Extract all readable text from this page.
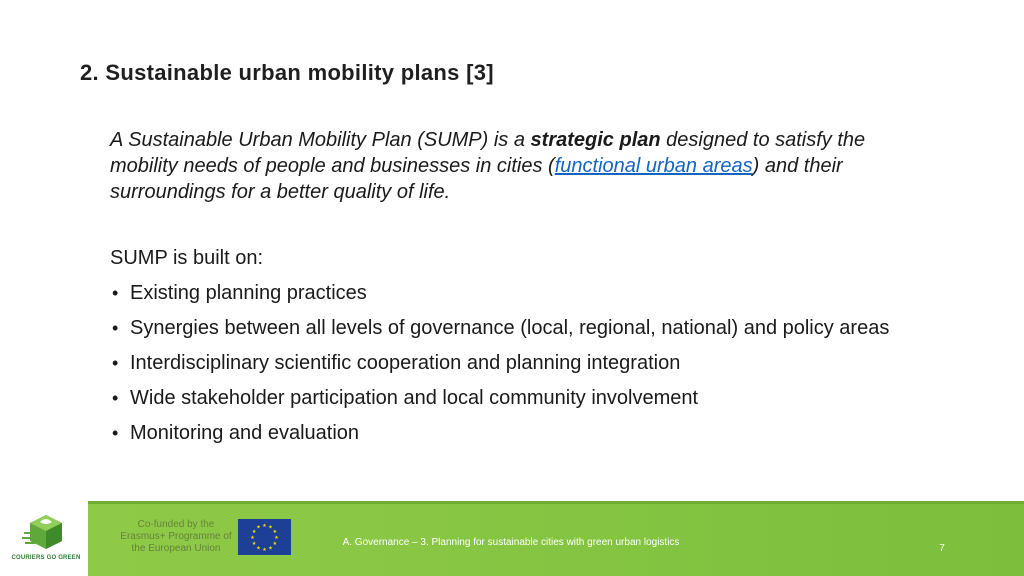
2. Sustainable urban mobility plans [3]
A Sustainable Urban Mobility Plan (SUMP) is a strategic plan designed to satisfy the mobility needs of people and businesses in cities (functional urban areas) and their surroundings for a better quality of life.
SUMP is built on:
• Existing planning practices
• Synergies between all levels of governance (local, regional, national) and policy areas
• Interdisciplinary scientific cooperation and planning integration
• Wide stakeholder participation and local community involvement
• Monitoring and evaluation
COURIERS GO GREEN
Co-funded by the Erasmus+ Programme of the European Union
★ ★
★
★
★
★
★
★
★
★
★
★
A. Governance – 3. Planning for sustainable cities with green urban logistics
7
